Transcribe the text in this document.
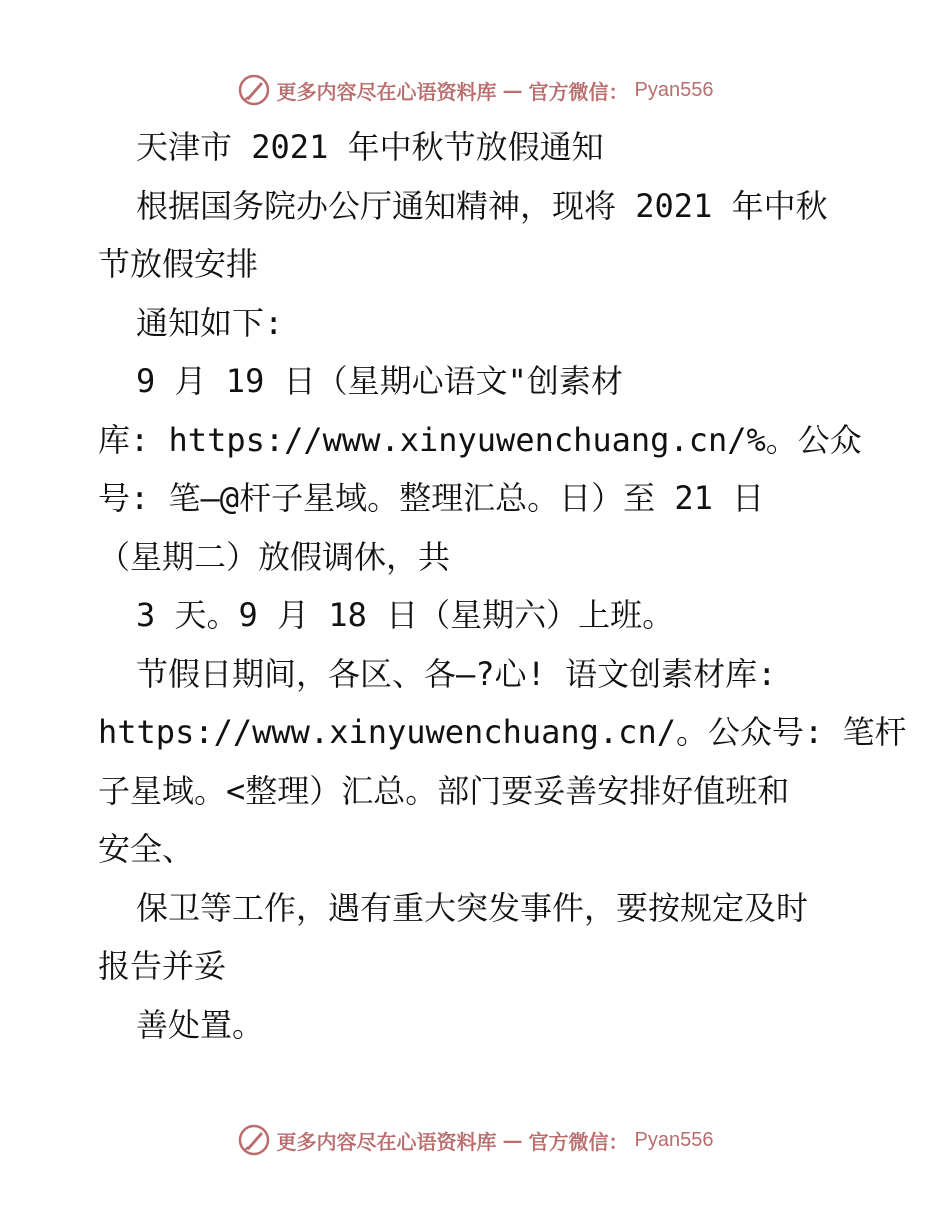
更多内容尽在心语资料库 — 官方微信： Pyan556
天津市 2021 年中秋节放假通知
根据国务院办公厅通知精神，现将 2021 年中秋
节放假安排
通知如下:
9 月 19 日（星期心语文"创素材
库: https://www.xinyuwenchuang.cn/%。公众
号: 笔—@杆子星域。整理汇总。日）至 21 日
（星期二）放假调休，共
3 天。9 月 18 日（星期六）上班。
节假日期间，各区、各—?心! 语文创素材库:
https://www.xinyuwenchuang.cn/。公众号: 笔杆
子星域。<整理）汇总。部门要妥善安排好值班和
安全、
保卫等工作，遇有重大突发事件，要按规定及时
报告并妥
善处置。
更多内容尽在心语资料库 — 官方微信： Pyan556
